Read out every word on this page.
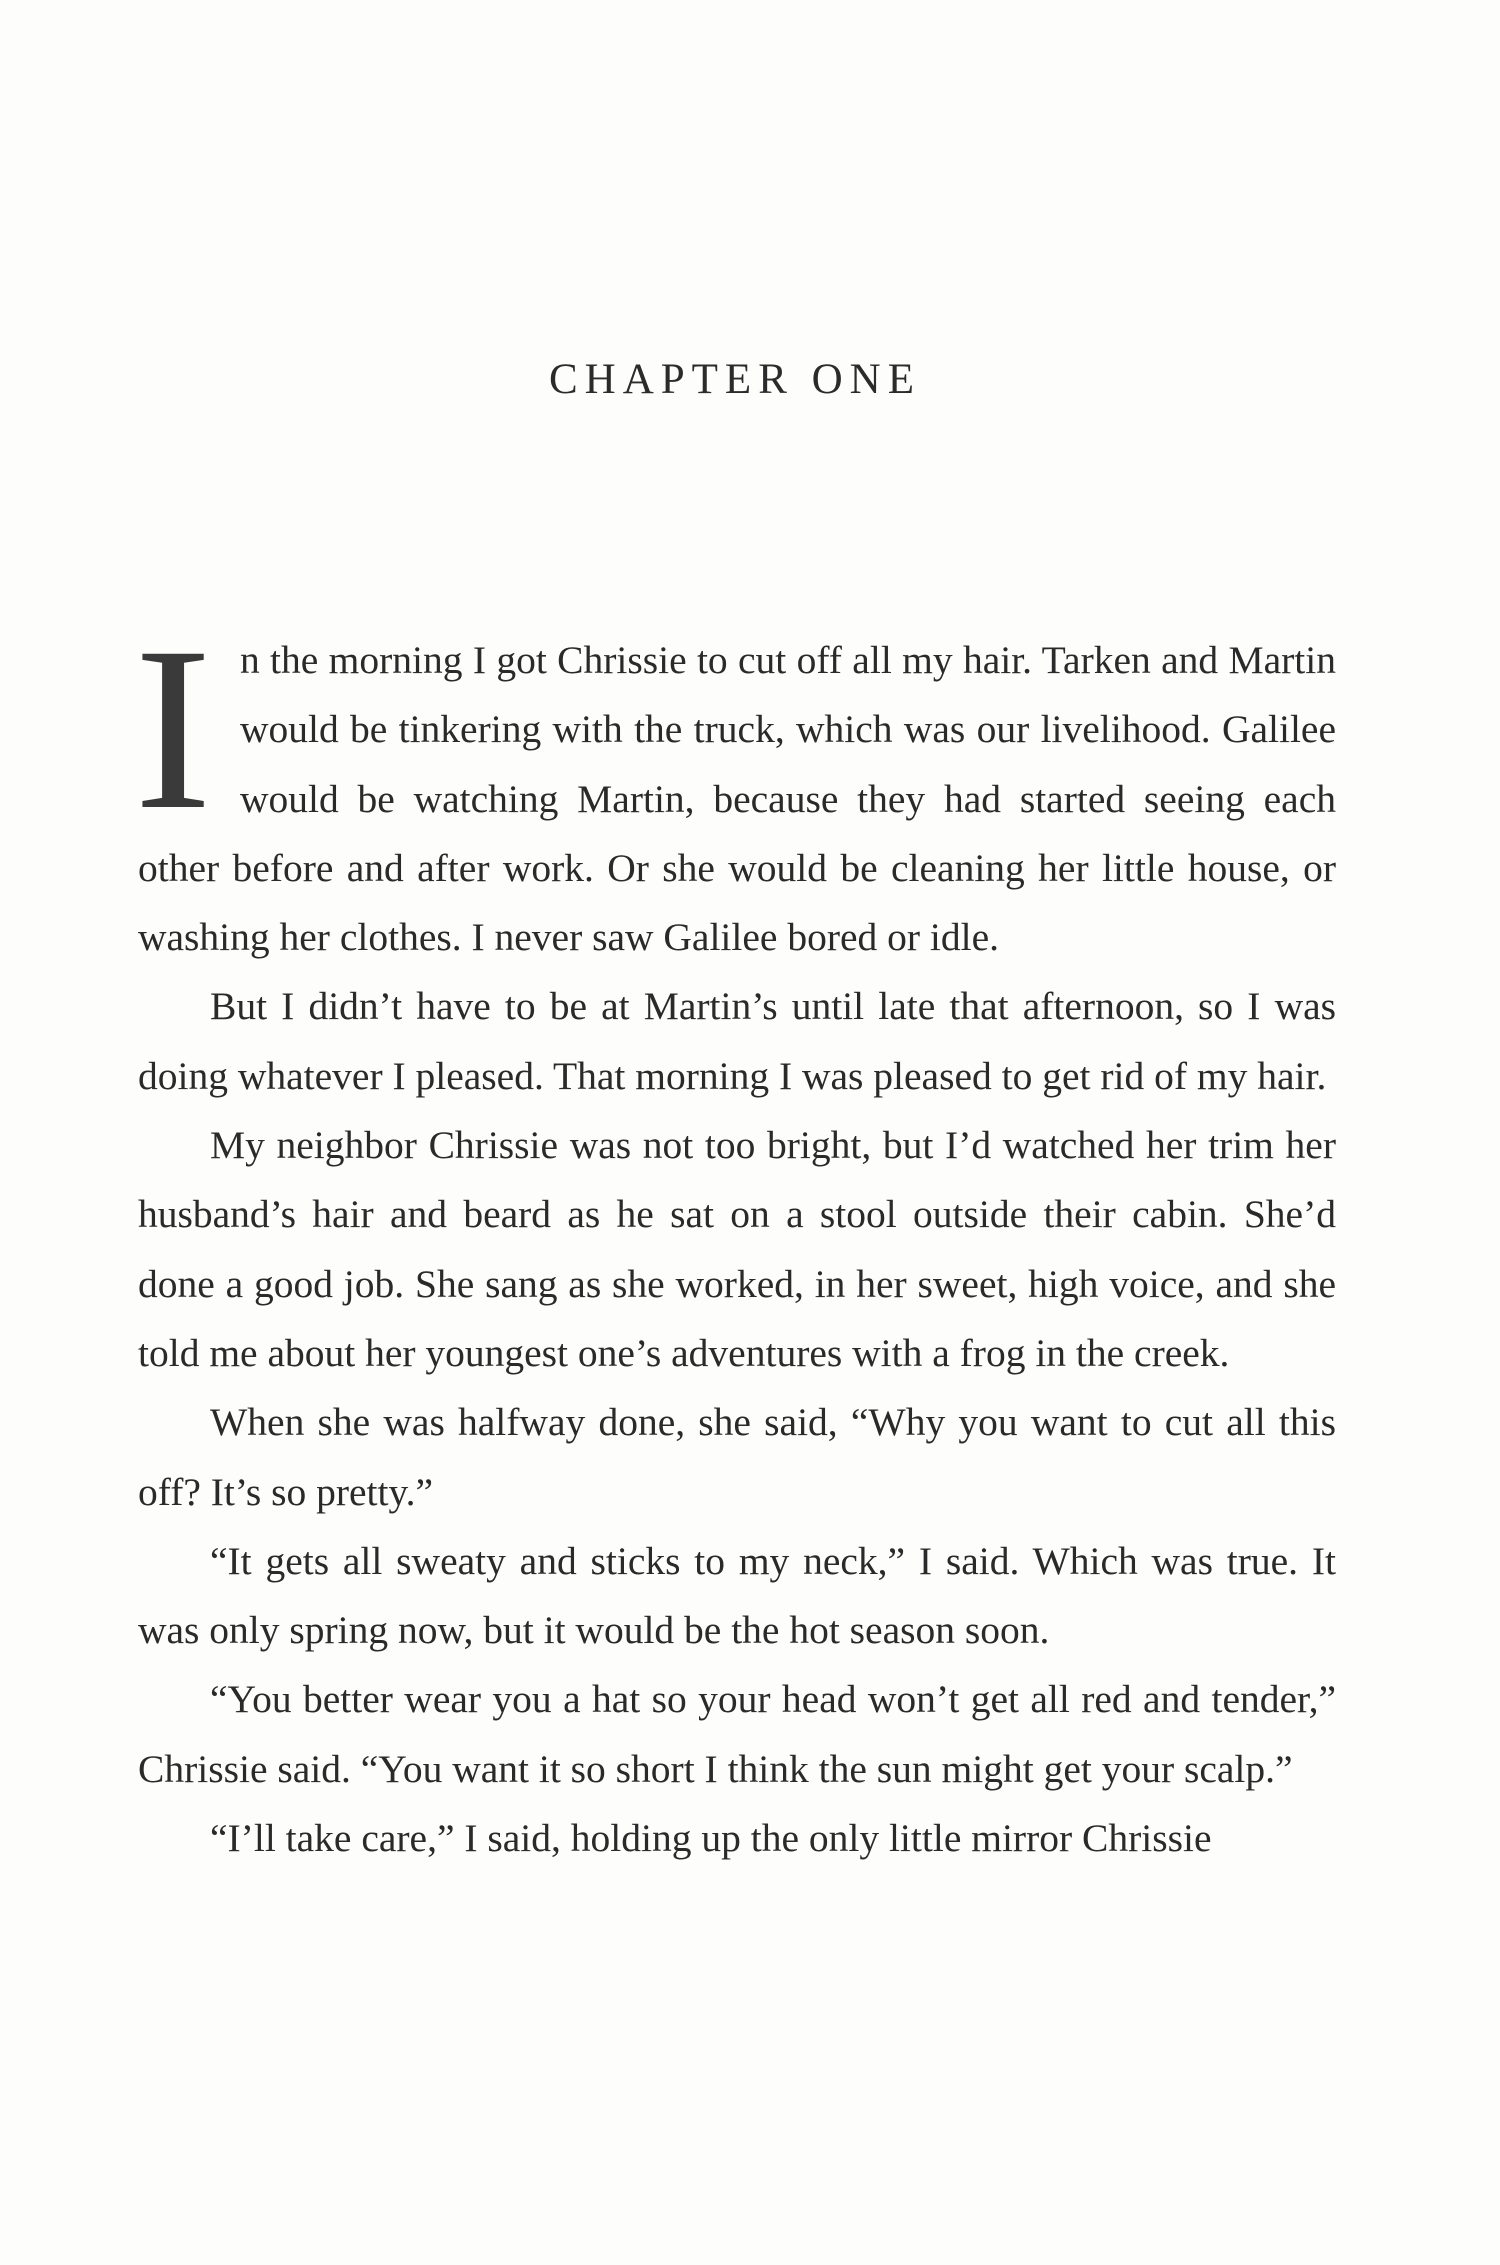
CHAPTER ONE

In the morning I got Chrissie to cut off all my hair. Tarken and Martin would be tinkering with the truck, which was our livelihood. Galilee would be watching Martin, because they had started seeing each other before and after work. Or she would be cleaning her little house, or washing her clothes. I never saw Galilee bored or idle.

But I didn’t have to be at Martin’s until late that afternoon, so I was doing whatever I pleased. That morning I was pleased to get rid of my hair.

My neighbor Chrissie was not too bright, but I’d watched her trim her husband’s hair and beard as he sat on a stool outside their cabin. She’d done a good job. She sang as she worked, in her sweet, high voice, and she told me about her youngest one’s adventures with a frog in the creek.

When she was halfway done, she said, “Why you want to cut all this off? It’s so pretty.”

“It gets all sweaty and sticks to my neck,” I said. Which was true. It was only spring now, but it would be the hot season soon.

“You better wear you a hat so your head won’t get all red and tender,” Chrissie said. “You want it so short I think the sun might get your scalp.”

“I’ll take care,” I said, holding up the only little mirror Chrissie
